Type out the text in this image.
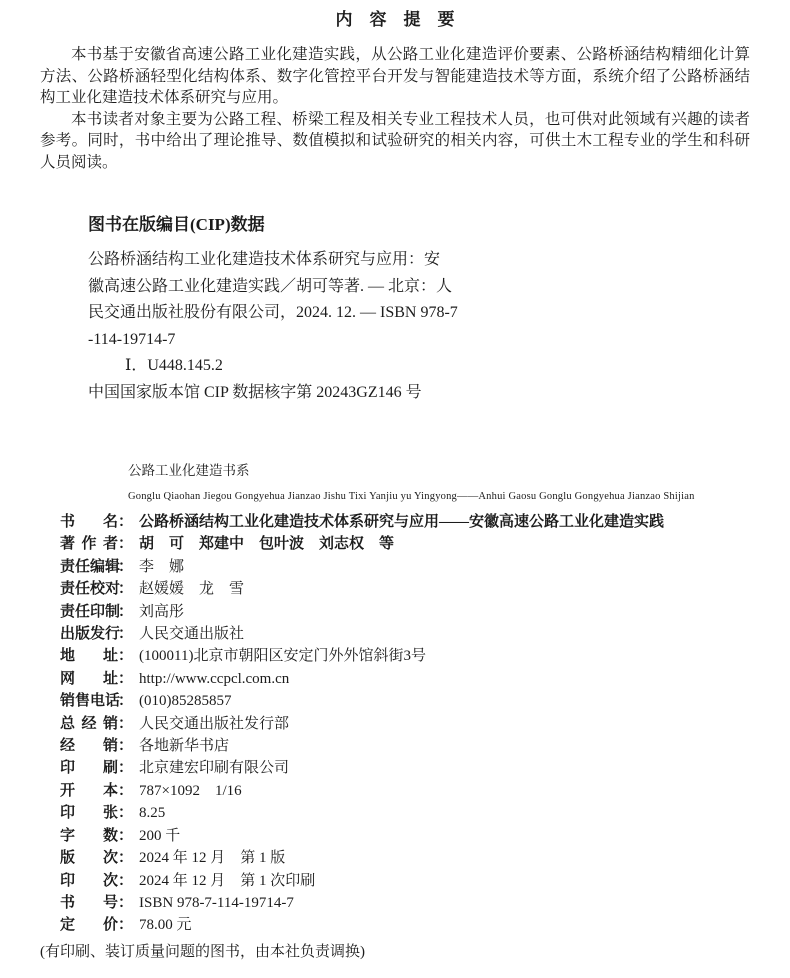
内　容　提　要

本书基于安徽省高速公路工业化建造实践，从公路工业化建造评价要素、公路桥涵结构精细化计算方法、公路桥涵轻型化结构体系、数字化管控平台开发与智能建造技术等方面，系统介绍了公路桥涵结构工业化建造技术体系研究与应用。

本书读者对象主要为公路工程、桥梁工程及相关专业工程技术人员，也可供对此领域有兴趣的读者参考。同时，书中给出了理论推导、数值模拟和试验研究的相关内容，可供土木工程专业的学生和科研人员阅读。

图书在版编目(CIP)数据
公路桥涵结构工业化建造技术体系研究与应用：安
徽高速公路工业化建造实践／胡可等著. — 北京：人
民交通出版社股份有限公司，2024. 12. — ISBN 978-7
-114-19714-7
Ⅰ．U448.145.2
中国国家版本馆 CIP 数据核字第 20243GZ146 号
公路工业化建造书系
Gonglu Qiaohan Jiegou Gongyehua Jianzao Jishu Tixi Yanjiu yu Yingyong——Anhui Gaosu Gonglu Gongyehua Jianzao Shijian
书名： 公路桥涵结构工业化建造技术体系研究与应用——安徽高速公路工业化建造实践
著作者： 胡　可　郑建中　包叶波　刘志权　等
责任编辑： 李　娜
责任校对： 赵媛媛　龙　雪
责任印制： 刘高彤
出版发行： 人民交通出版社
地址： (100011)北京市朝阳区安定门外外馆斜街3号
网址： http://www.ccpcl.com.cn
销售电话： (010)85285857
总经销： 人民交通出版社发行部
经销： 各地新华书店
印刷： 北京建宏印刷有限公司
开本： 787×1092　1/16
印张： 8.25
字数： 200 千
版次： 2024 年 12 月　第 1 版
印次： 2024 年 12 月　第 1 次印刷
书号： ISBN 978-7-114-19714-7
定价： 78.00 元
(有印刷、装订质量问题的图书，由本社负责调换)
